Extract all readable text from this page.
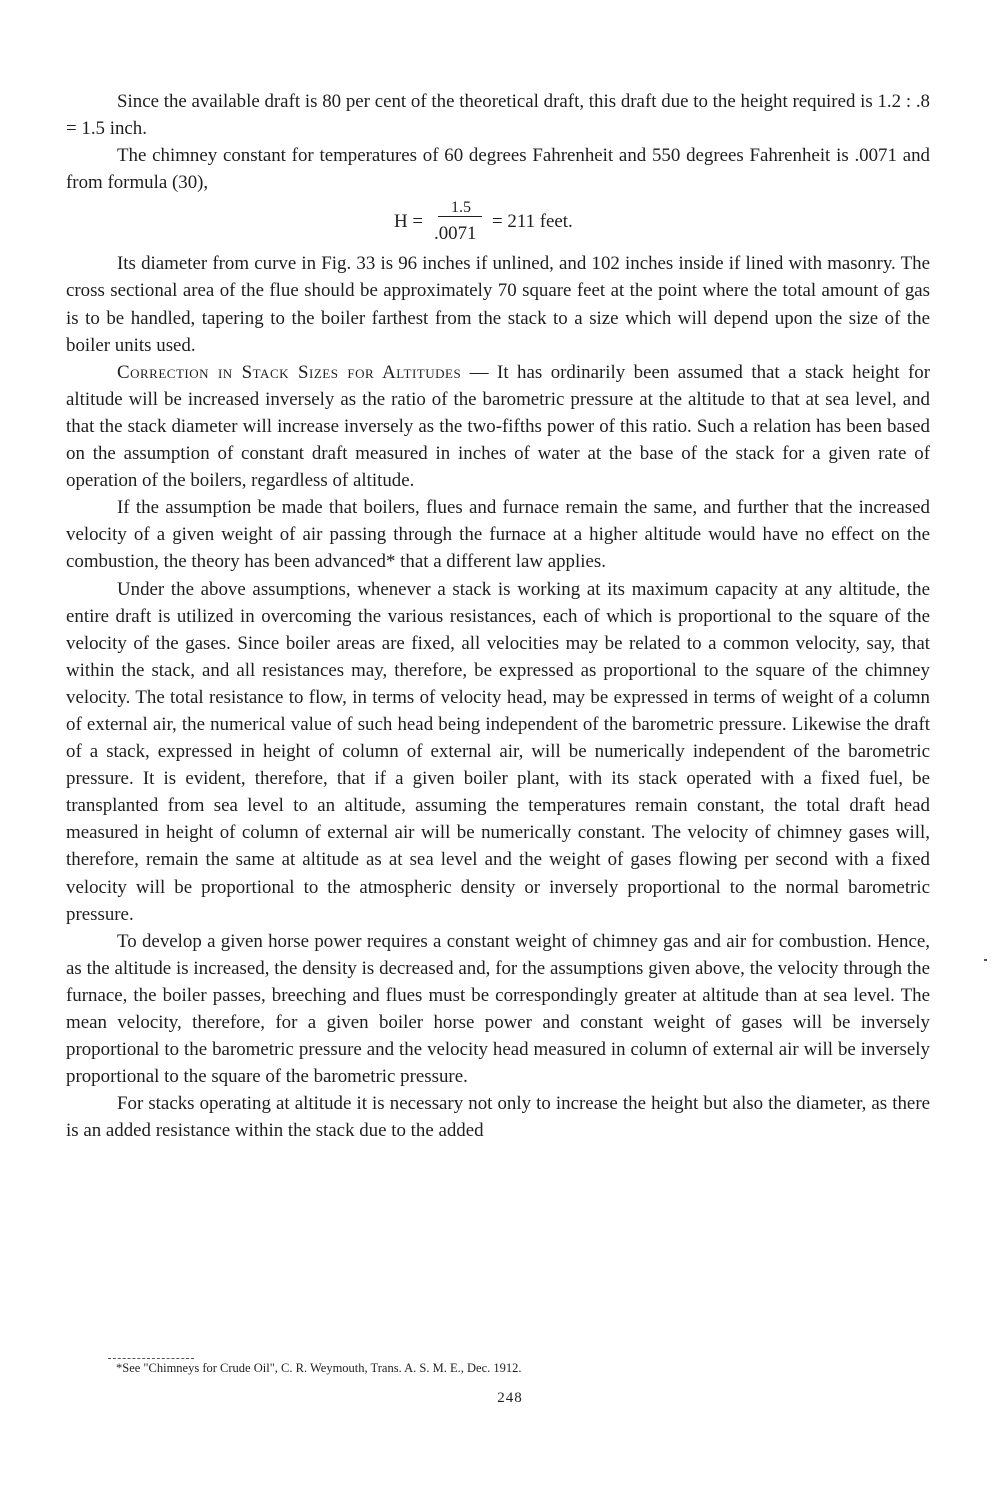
Since the available draft is 80 per cent of the theoretical draft, this draft due to the height required is 1.2 : .8 = 1.5 inch.

The chimney constant for temperatures of 60 degrees Fahrenheit and 550 degrees Fahrenheit is .0071 and from formula (30),

H =
1.5
.0071
= 211 feet.

Its diameter from curve in Fig. 33 is 96 inches if unlined, and 102 inches inside if lined with masonry. The cross sectional area of the flue should be approximately 70 square feet at the point where the total amount of gas is to be handled, tapering to the boiler farthest from the stack to a size which will depend upon the size of the boiler units used.

Correction in Stack Sizes for Altitudes — It has ordinarily been assumed that a stack height for altitude will be increased inversely as the ratio of the barometric pressure at the altitude to that at sea level, and that the stack diameter will increase inversely as the two-fifths power of this ratio. Such a relation has been based on the assumption of constant draft measured in inches of water at the base of the stack for a given rate of operation of the boilers, regardless of altitude.

If the assumption be made that boilers, flues and furnace remain the same, and further that the increased velocity of a given weight of air passing through the furnace at a higher altitude would have no effect on the combustion, the theory has been advanced* that a different law applies.

Under the above assumptions, whenever a stack is working at its maximum capacity at any altitude, the entire draft is utilized in overcoming the various resistances, each of which is proportional to the square of the velocity of the gases. Since boiler areas are fixed, all velocities may be related to a common velocity, say, that within the stack, and all resistances may, therefore, be expressed as proportional to the square of the chimney velocity. The total resistance to flow, in terms of velocity head, may be expressed in terms of weight of a column of external air, the numerical value of such head being independent of the barometric pressure. Likewise the draft of a stack, expressed in height of column of external air, will be numerically independent of the barometric pressure. It is evident, therefore, that if a given boiler plant, with its stack operated with a fixed fuel, be transplanted from sea level to an altitude, assuming the temperatures remain constant, the total draft head measured in height of column of external air will be numerically constant. The velocity of chimney gases will, therefore, remain the same at altitude as at sea level and the weight of gases flowing per second with a fixed velocity will be proportional to the atmospheric density or inversely proportional to the normal barometric pressure.

To develop a given horse power requires a constant weight of chimney gas and air for combustion. Hence, as the altitude is increased, the density is decreased and, for the assumptions given above, the velocity through the furnace, the boiler passes, breeching and flues must be correspondingly greater at altitude than at sea level. The mean velocity, therefore, for a given boiler horse power and constant weight of gases will be inversely proportional to the barometric pressure and the velocity head measured in column of external air will be inversely proportional to the square of the barometric pressure.

For stacks operating at altitude it is necessary not only to increase the height but also the diameter, as there is an added resistance within the stack due to the added

*See "Chimneys for Crude Oil", C. R. Weymouth, Trans. A. S. M. E., Dec. 1912.
248
